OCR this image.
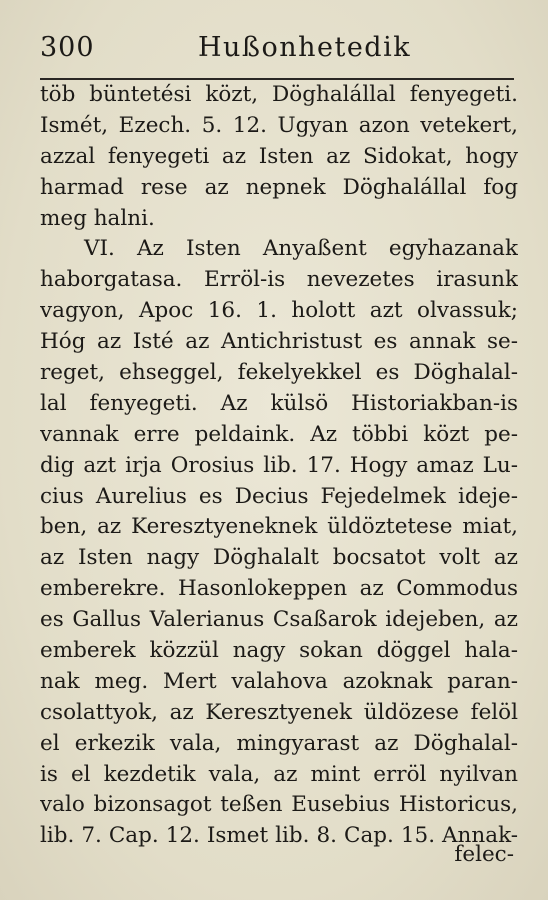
300	Hußonhetedik
töb büntetési közt, Döghalállal fenyegeti.
Ismét, Ezech. 5. 12. Ugyan azon vetekert,
azzal fenyegeti az Isten az Sidokat, hogy
harmad rese az nepnek Döghalállal fog
meg halni.
VI. Az Isten Anyaßent egyhazanak
haborgatasa. Erröl-is nevezetes irasunk
vagyon, Apoc 16. 1. holott azt olvassuk;
Hóg az Isté az Antichristust es annak se-
reget, ehseggel, fekelyekkel es Döghalal-
lal fenyegeti. Az külsö Historiakban-is
vannak erre peldaink. Az többi közt pe-
dig azt irja Orosius lib. 17. Hogy amaz Lu-
cius Aurelius es Decius Fejedelmek ideje-
ben, az Keresztyeneknek üldöztetese miat,
az Isten nagy Döghalalt bocsatot volt az
emberekre. Hasonlokeppen az Commodus
es Gallus Valerianus Csaßarok idejeben, az
emberek közzül nagy sokan döggel hala-
nak meg. Mert valahova azoknak paran-
csolattyok, az Keresztyenek üldözese felöl
el erkezik vala, mingyarast az Döghalal-
is el kezdetik vala, az mint erröl nyilvan
valo bizonsagot teßen Eusebius Historicus,
lib. 7. Cap. 12. Ismet lib. 8. Cap. 15. Annak-
felec-
